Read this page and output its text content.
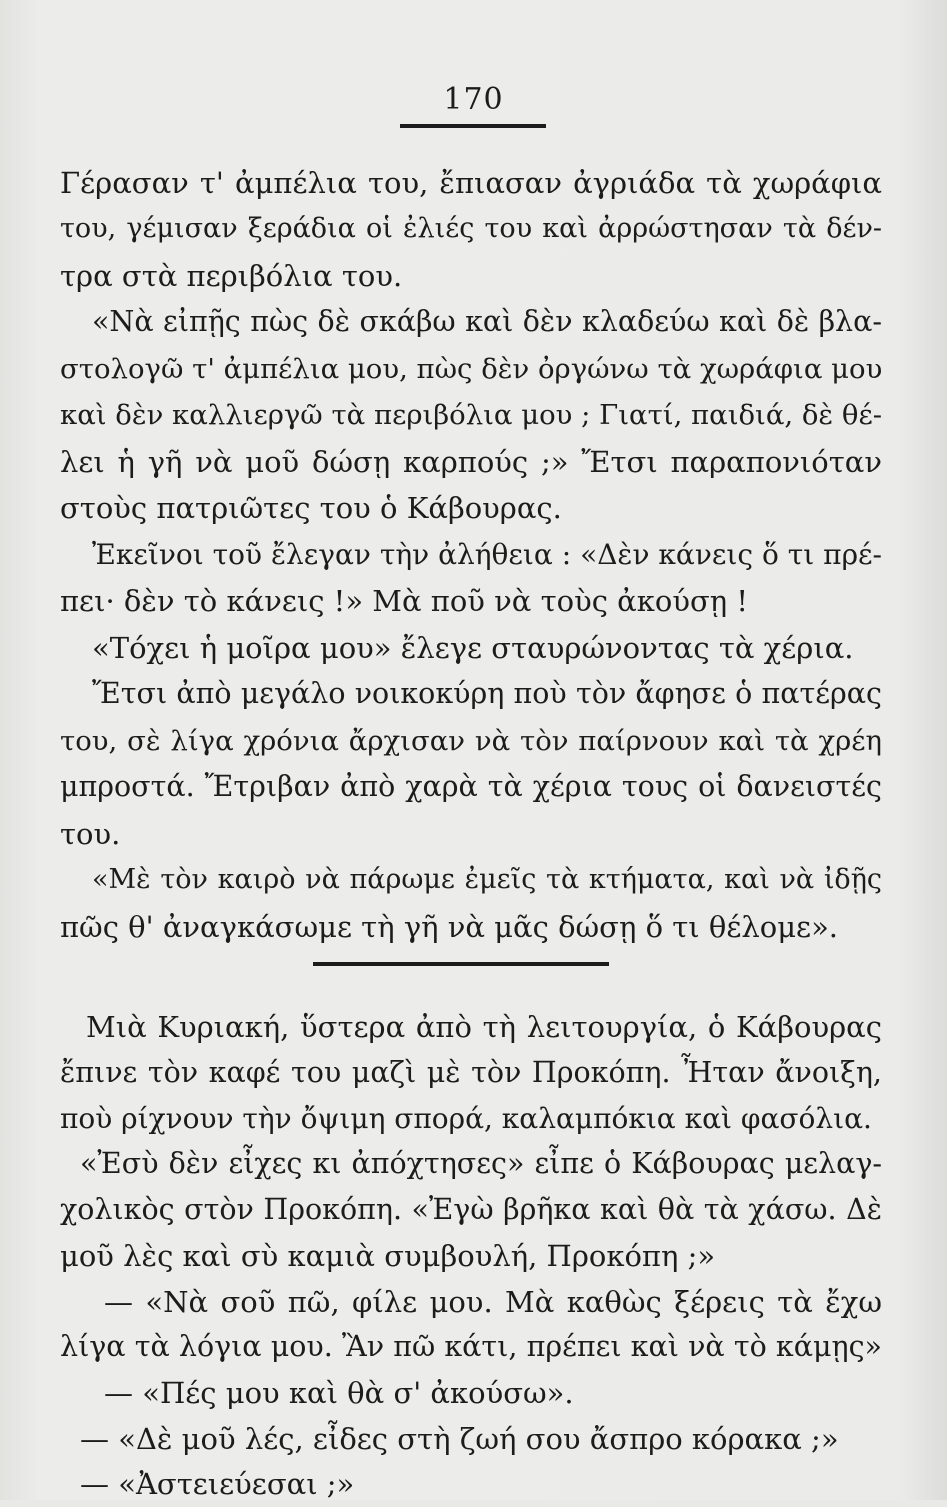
170
Γέρασαν τ' ἀμπέλια του, ἔπιασαν ἀγριάδα τὰ χωράφια
του, γέμισαν ξεράδια οἱ ἐλιές του καὶ ἀρρώστησαν τὰ δέν-
τρα στὰ περιβόλια του.
«Νὰ εἰπῇς πὼς δὲ σκάβω καὶ δὲν κλαδεύω καὶ δὲ βλα-
στολογῶ τ' ἀμπέλια μου, πὼς δὲν ὀργώνω τὰ χωράφια μου
καὶ δὲν καλλιεργῶ τὰ περιβόλια μου ; Γιατί, παιδιά, δὲ θέ-
λει ἡ γῆ νὰ μοῦ δώσῃ καρπούς ;» Ἔτσι παραπονιόταν
στοὺς πατριῶτες του ὁ Κάβουρας.
Ἐκεῖνοι τοῦ ἔλεγαν τὴν ἀλήθεια : «Δὲν κάνεις ὅ τι πρέ-
πει· δὲν τὸ κάνεις !» Μὰ ποῦ νὰ τοὺς ἀκούσῃ !
«Τόχει ἡ μοῖρα μου» ἔλεγε σταυρώνοντας τὰ χέρια.
Ἔτσι ἀπὸ μεγάλο νοικοκύρη ποὺ τὸν ἄφησε ὁ πατέρας
του, σὲ λίγα χρόνια ἄρχισαν νὰ τὸν παίρνουν καὶ τὰ χρέη
μπροστά. Ἔτριβαν ἀπὸ χαρὰ τὰ χέρια τους οἱ δανειστές
του.
«Μὲ τὸν καιρὸ νὰ πάρωμε ἐμεῖς τὰ κτήματα, καὶ νὰ ἰδῇς
πῶς θ' ἀναγκάσωμε τὴ γῆ νὰ μᾶς δώσῃ ὅ τι θέλομε».
Μιὰ Κυριακή, ὕστερα ἀπὸ τὴ λειτουργία, ὁ Κάβουρας
ἔπινε τὸν καφέ του μαζὶ μὲ τὸν Προκόπη. Ἦταν ἄνοιξη,
ποὺ ρίχνουν τὴν ὄψιμη σπορά, καλαμπόκια καὶ φασόλια.
«Ἐσὺ δὲν εἶχες κι ἀπόχτησες» εἶπε ὁ Κάβουρας μελαγ-
χολικὸς στὸν Προκόπη. «Ἐγὼ βρῆκα καὶ θὰ τὰ χάσω. Δὲ
μοῦ λὲς καὶ σὺ καμιὰ συμβουλή, Προκόπη ;»
— «Νὰ σοῦ πῶ, φίλε μου. Μὰ καθὼς ξέρεις τὰ ἔχω
λίγα τὰ λόγια μου. Ἂν πῶ κάτι, πρέπει καὶ νὰ τὸ κάμῃς»
— «Πές μου καὶ θὰ σ' ἀκούσω».
— «Δὲ μοῦ λές, εἶδες στὴ ζωή σου ἄσπρο κόρακα ;»
— «Ἀστειεύεσαι ;»
